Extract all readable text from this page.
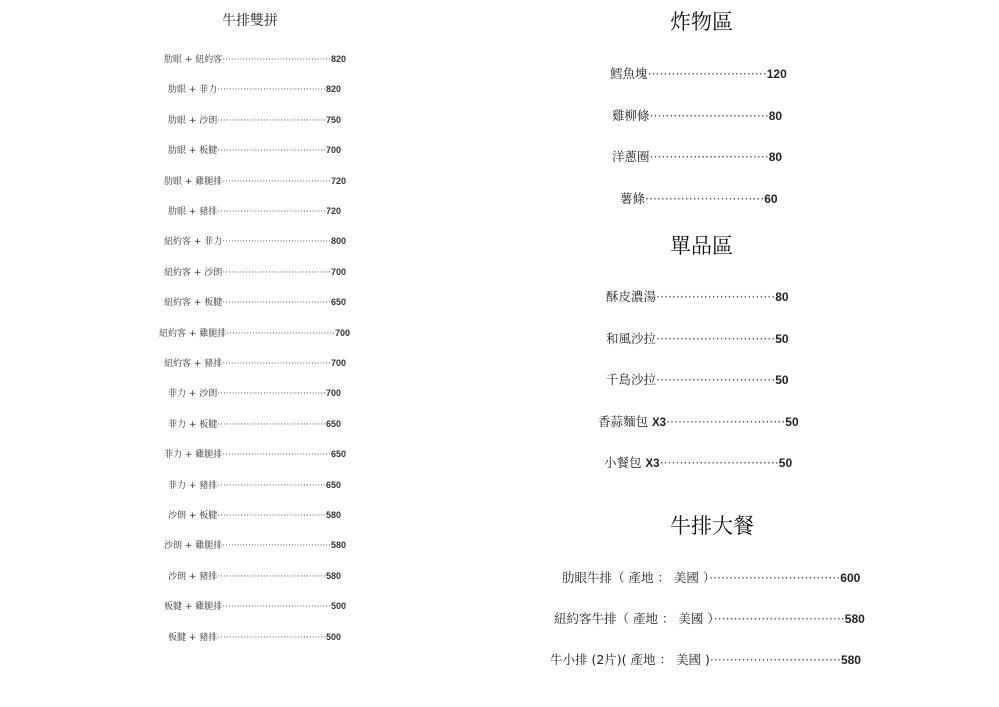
牛排雙拼
肋眼 + 紐約客······································820
肋眼 + 菲力······································820
肋眼 + 沙朗······································750
肋眼 + 板腱······································700
肋眼 + 雞腿排······································720
肋眼 + 豬排······································720
紐約客 + 菲力······································800
紐約客 + 沙朗······································700
紐約客 + 板腱······································650
紐約客 + 雞腿排······································700
紐約客 + 豬排······································700
菲力 + 沙朗······································700
菲力 + 板腱······································650
菲力 + 雞腿排······································650
菲力 + 豬排······································650
沙朗 + 板腱······································580
沙朗 + 雞腿排······································580
沙朗 + 豬排······································580
板腱 + 雞腿排······································500
板腱 + 豬排······································500
炸物區
單品區
牛排大餐
鱈魚塊······························120
雞柳條······························80
洋蔥圈······························80
薯條······························60
酥皮濃湯······························80
和風沙拉······························50
千島沙拉······························50
香蒜麵包 X3······························50
小餐包 X3······························50
肋眼牛排（ 產地 ： 美國 ）·································600
紐約客牛排（ 產地 ： 美國 ）·································580
牛小排 (2片)( 產地 ： 美國 )·································580
